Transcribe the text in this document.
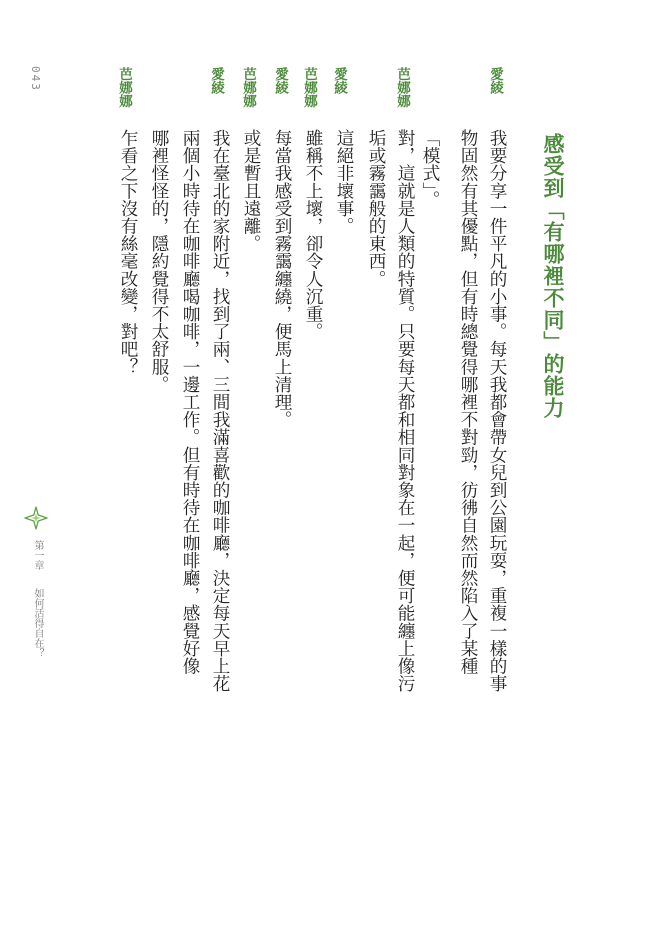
感受到「有哪裡不同」的能力
愛綾
芭娜娜
愛綾
芭娜娜
愛綾
芭娜娜
愛綾
芭娜娜
我要分享一件平凡的小事。每天我都會帶女兒到公園玩耍，重複一樣的事
物固然有其優點，但有時總覺得哪裡不對勁，彷彿自然而然陷入了某種
「模式」。
對，這就是人類的特質。只要每天都和相同對象在一起，便可能纏上像污
垢或霧靄般的東西。
這絕非壞事。
雖稱不上壞，卻令人沉重。
每當我感受到霧靄纏繞，便馬上清理。
或是暫且遠離。
我在臺北的家附近，找到了兩、三間我滿喜歡的咖啡廳，決定每天早上花
兩個小時待在咖啡廳喝咖啡，一邊工作。但有時待在咖啡廳，感覺好像
哪裡怪怪的，隱約覺得不太舒服。
乍看之下沒有絲毫改變，對吧？
043
第一章如何活得自在？
